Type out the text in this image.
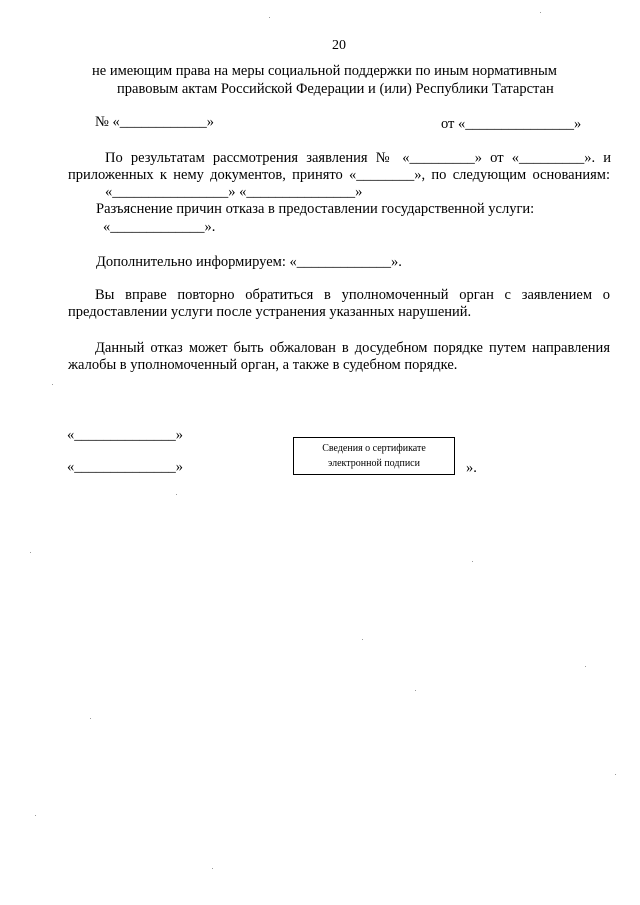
20
не имеющим права на меры социальной поддержки по иным нормативным
правовым актам Российской Федерации и (или) Республики Татарстан
№ «____________»	от «_______________»
По результатам рассмотрения заявления № «_________» от «_________». и
приложенных к нему документов, принято «________», по следующим основаниям:
«________________» «_______________»
Разъяснение причин отказа в предоставлении государственной услуги:
«_____________».
Дополнительно информируем: «_____________».
Вы вправе повторно обратиться в уполномоченный орган с заявлением о
предоставлении услуги после устранения указанных нарушений.
Данный отказ может быть обжалован в досудебном порядке путем направления
жалобы в уполномоченный орган, а также в судебном порядке.
«______________»
«______________»
Сведения о сертификате
электронной подписи	».
